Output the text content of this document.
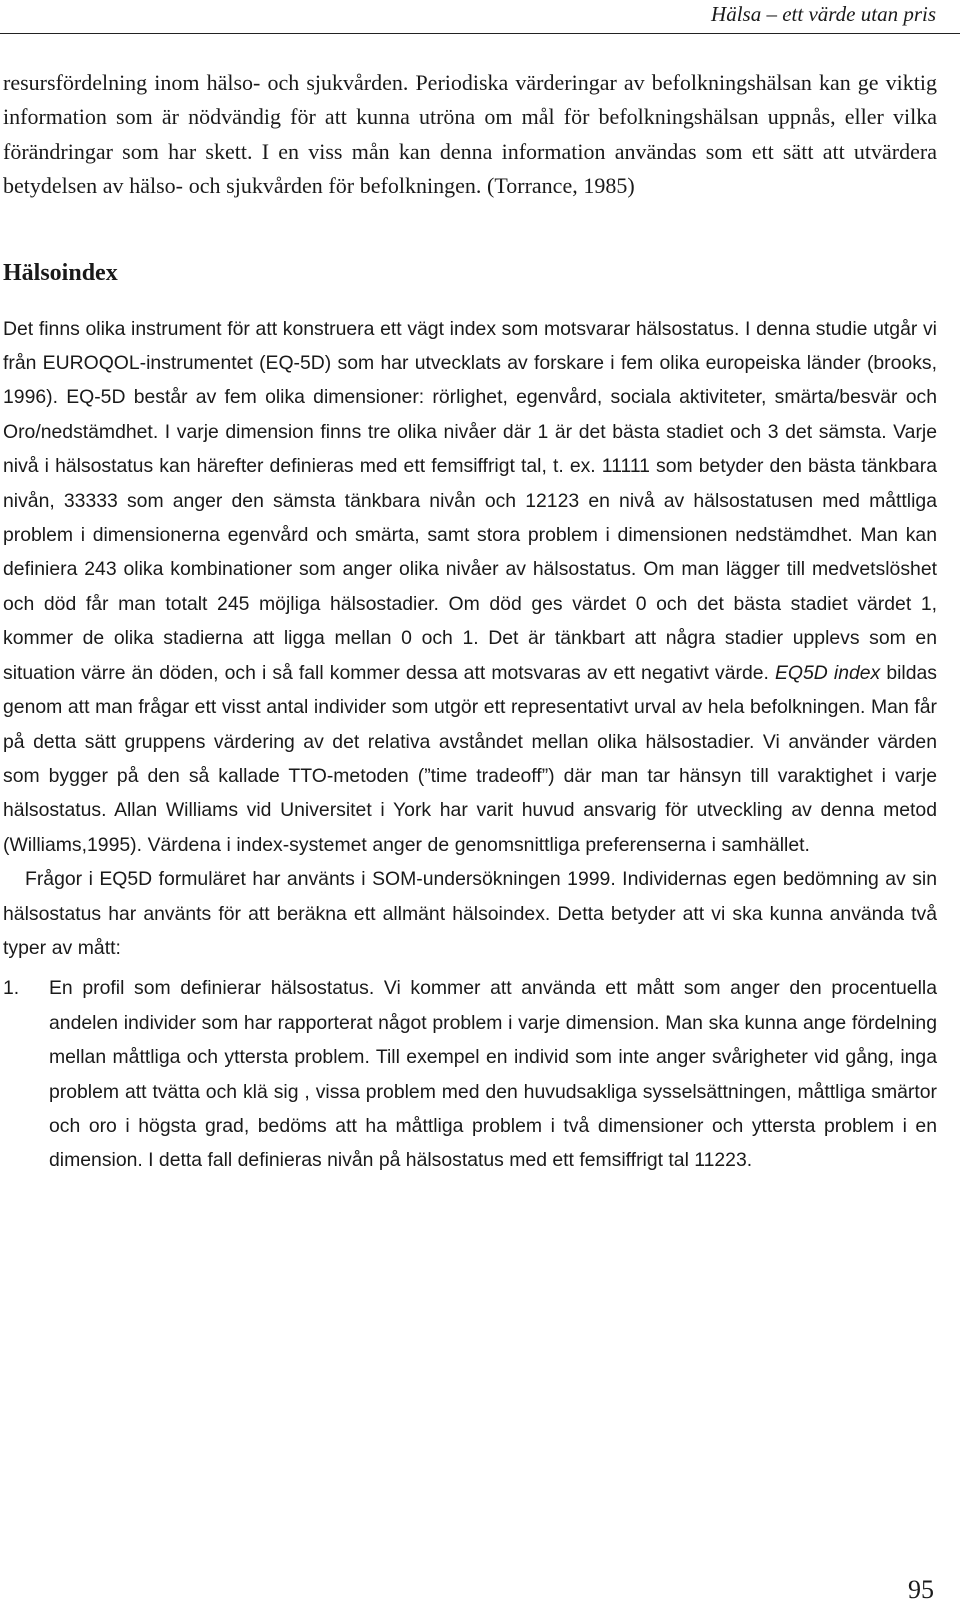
Hälsa – ett värde utan pris

resursfördelning inom hälso- och sjukvården. Periodiska värderingar av befolkningshälsan kan ge viktig information som är nödvändig för att kunna utröna om mål för befolkningshälsan uppnås, eller vilka förändringar som har skett. I en viss mån kan denna information användas som ett sätt att utvärdera betydelsen av hälso- och sjukvården för befolkningen. (Torrance, 1985)

Hälsoindex

Det finns olika instrument för att konstruera ett vägt index som motsvarar hälsostatus. I denna studie utgår vi från EUROQOL-instrumentet (EQ-5D) som har utvecklats av forskare i fem olika europeiska länder (brooks, 1996). EQ-5D består av fem olika dimensioner: rörlighet, egenvård, sociala aktiviteter, smärta/besvär och Oro/nedstämdhet. I varje dimension finns tre olika nivåer där 1 är det bästa stadiet och 3 det sämsta. Varje nivå i hälsostatus kan härefter definieras med ett femsiffrigt tal, t. ex. 11111 som betyder den bästa tänkbara nivån, 33333 som anger den sämsta tänkbara nivån och 12123 en nivå av hälsostatusen med måttliga problem i dimensionerna egenvård och smärta, samt stora problem i dimensionen nedstämdhet. Man kan definiera 243 olika kombinationer som anger olika nivåer av hälsostatus. Om man lägger till medvetslöshet och död får man totalt 245 möjliga hälsostadier. Om död ges värdet 0 och det bästa stadiet värdet 1, kommer de olika stadierna att ligga mellan 0 och 1. Det är tänkbart att några stadier upplevs som en situation värre än döden, och i så fall kommer dessa att motsvaras av ett negativt värde. EQ5D index bildas genom att man frågar ett visst antal individer som utgör ett representativt urval av hela befolkningen. Man får på detta sätt gruppens värdering av det relativa avståndet mellan olika hälsostadier. Vi använder värden som bygger på den så kallade TTO-metoden (”time tradeoff”) där man tar hänsyn till varaktighet i varje hälsostatus. Allan Williams vid Universitet i York har varit huvud ansvarig för utveckling av denna metod (Williams,1995). Värdena i index-systemet anger de genomsnittliga preferenserna i samhället.

Frågor i EQ5D formuläret har använts i SOM-undersökningen 1999. Individernas egen bedömning av sin hälsostatus har använts för att beräkna ett allmänt hälsoindex. Detta betyder att vi ska kunna använda två typer av mått:

1. En profil som definierar hälsostatus. Vi kommer att använda ett mått som anger den procentuella andelen individer som har rapporterat något problem i varje dimension. Man ska kunna ange fördelning mellan måttliga och yttersta problem. Till exempel en individ som inte anger svårigheter vid gång, inga problem att tvätta och klä sig , vissa problem med den huvudsakliga sysselsättningen, måttliga smärtor och oro i högsta grad, bedöms att ha måttliga problem i två dimensioner och yttersta problem i en dimension. I detta fall definieras nivån på hälsostatus med ett femsiffrigt tal 11223.
95
